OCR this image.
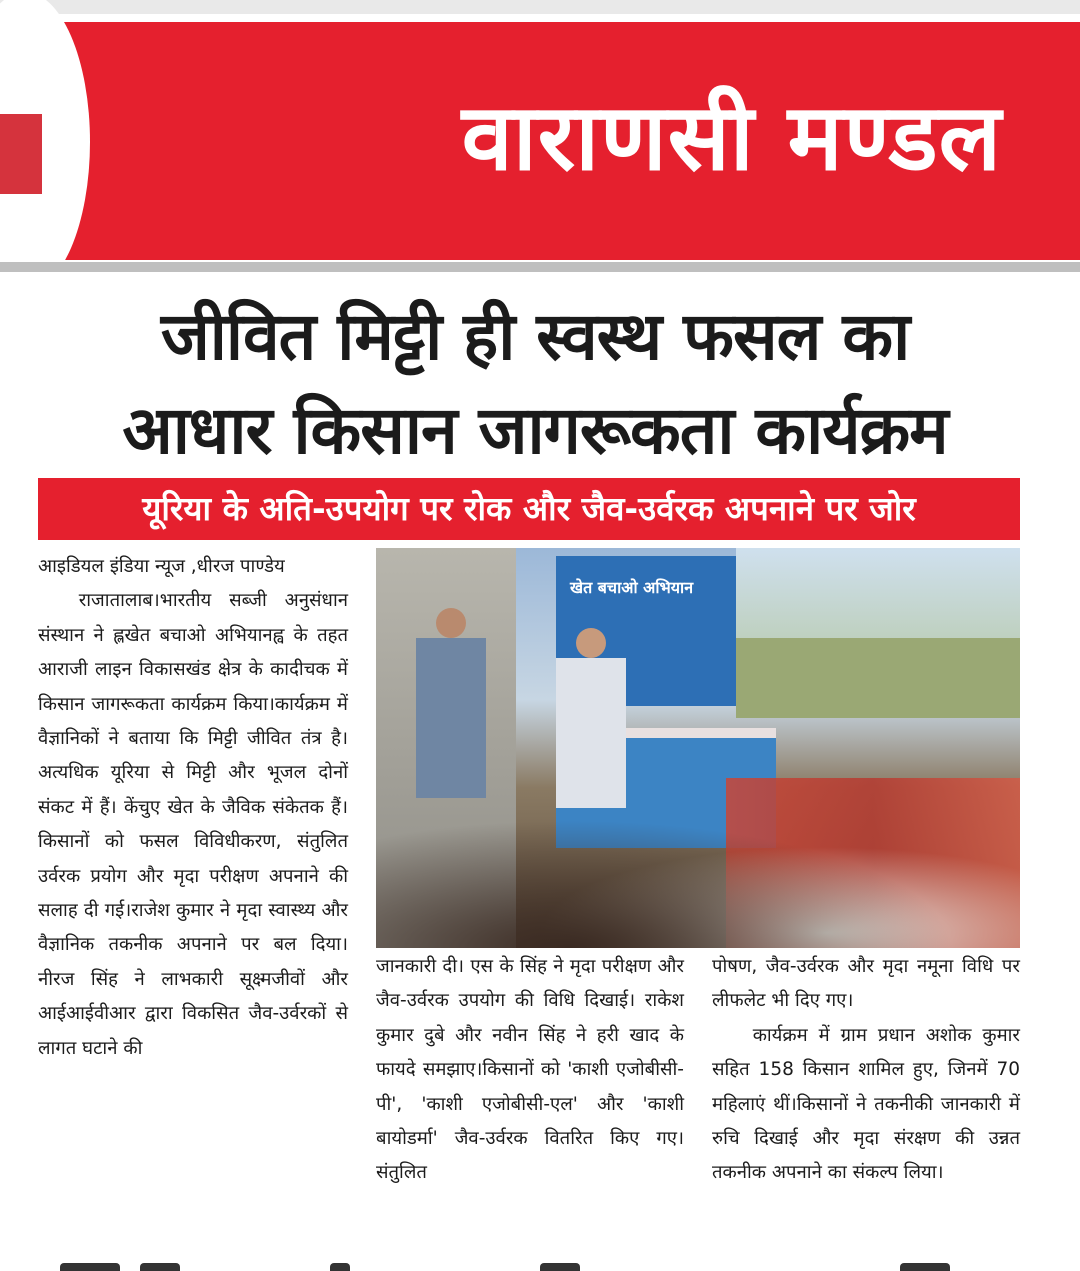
वाराणसी मण्डल
जीवित मिट्टी ही स्वस्थ फसल का
आधार किसान जागरूकता कार्यक्रम
यूरिया के अति-उपयोग पर रोक और जैव-उर्वरक अपनाने पर जोर

आइडियल इंडिया न्यूज ,धीरज पाण्डेय

राजातालाब।भारतीय सब्जी अनुसंधान संस्थान ने ह्लखेत बचाओ अभियानह्व के तहत आराजी लाइन विकासखंड क्षेत्र के कादीचक में किसान जागरूकता कार्यक्रम किया।कार्यक्रम में वैज्ञानिकों ने बताया कि मिट्टी जीवित तंत्र है। अत्यधिक यूरिया से मिट्टी और भूजल दोनों संकट में हैं। केंचुए खेत के जैविक संकेतक हैं। किसानों को फसल विविधीकरण, संतुलित उर्वरक प्रयोग और मृदा परीक्षण अपनाने की सलाह दी गई।राजेश कुमार ने मृदा स्वास्थ्य और वैज्ञानिक तकनीक अपनाने पर बल दिया। नीरज सिंह ने लाभकारी सूक्ष्मजीवों और आईआईवीआर द्वारा विकसित जैव-उर्वरकों से लागत घटाने की

खेत बचाओ अभियान

जानकारी दी। एस के सिंह ने मृदा परीक्षण और जैव-उर्वरक उपयोग की विधि दिखाई। राकेश कुमार दुबे और नवीन सिंह ने हरी खाद के फायदे समझाए।किसानों को 'काशी एजोबीसी-पी', 'काशी एजोबीसी-एल' और 'काशी बायोडर्मा' जैव-उर्वरक वितरित किए गए। संतुलित

पोषण, जैव-उर्वरक और मृदा नमूना विधि पर लीफलेट भी दिए गए।

कार्यक्रम में ग्राम प्रधान अशोक कुमार सहित 158 किसान शामिल हुए, जिनमें 70 महिलाएं थीं।किसानों ने तकनीकी जानकारी में रुचि दिखाई और मृदा संरक्षण की उन्नत तकनीक अपनाने का संकल्प लिया।
